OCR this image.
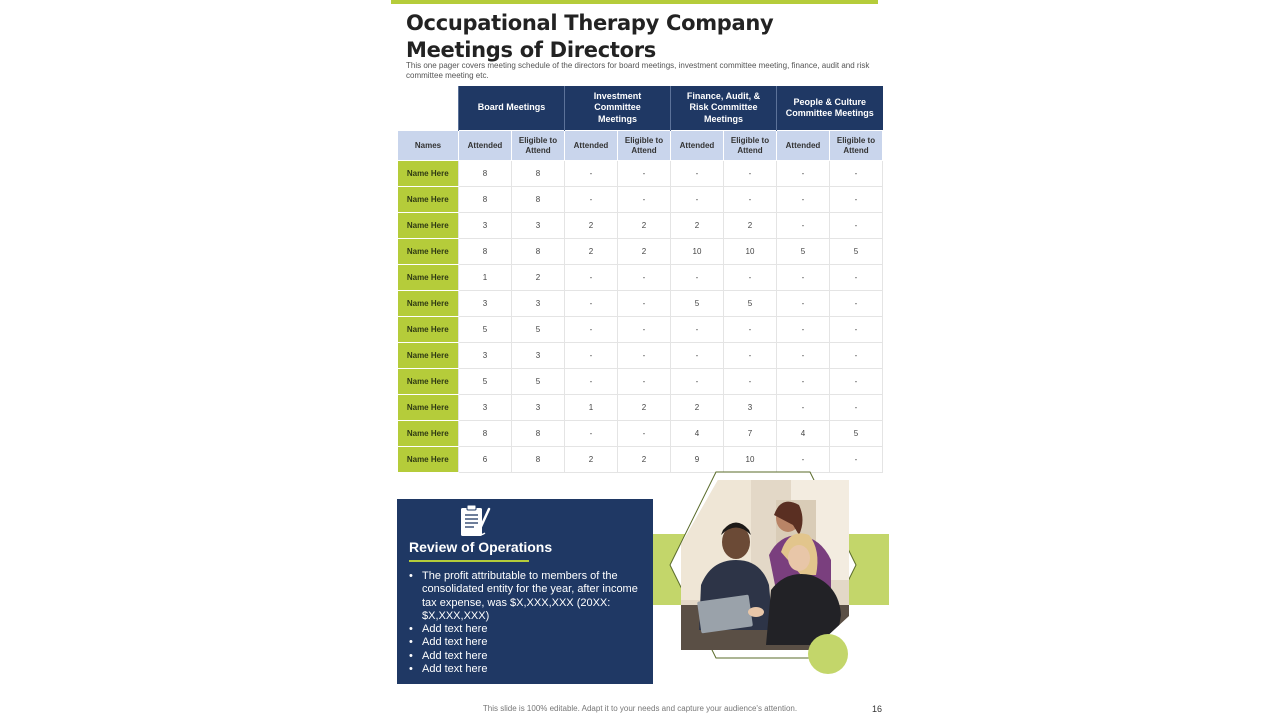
Occupational Therapy Company Meetings of Directors

This one pager covers meeting schedule of the directors for board meetings, investment committee meeting, finance, audit and risk committee meeting etc.

	Board Meetings		Investment Committee Meetings		Finance, Audit, & Risk Committee Meetings		People & Culture Committee Meetings	
Names	Attended	Eligible to Attend	Attended	Eligible to Attend	Attended	Eligible to Attend	Attended	Eligible to Attend
Name Here	8	8	-	-	-	-	-	-
Name Here	8	8	-	-	-	-	-	-
Name Here	3	3	2	2	2	2	-	-
Name Here	8	8	2	2	10	10	5	5
Name Here	1	2	-	-	-	-	-	-
Name Here	3	3	-	-	5	5	-	-
Name Here	5	5	-	-	-	-	-	-
Name Here	3	3	-	-	-	-	-	-
Name Here	5	5	-	-	-	-	-	-
Name Here	3	3	1	2	2	3	-	-
Name Here	8	8	-	-	4	7	4	5
Name Here	6	8	2	2	9	10	-	-
Review of Operations
• The profit attributable to members of the consolidated entity for the year, after income tax expense, was $X,XXX,XXX (20XX: $X,XXX,XXX)
• Add text here
• Add text here
• Add text here
• Add text here
This slide is 100% editable. Adapt it to your needs and capture your audience's attention.	16
